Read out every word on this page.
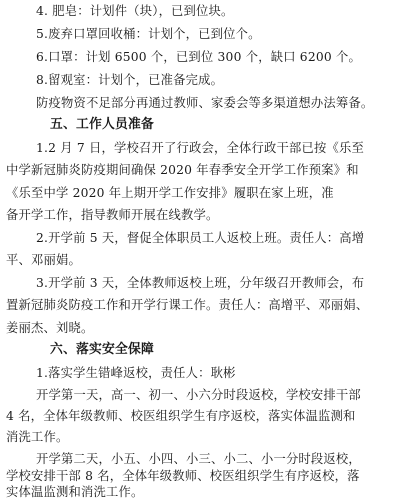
4. 肥皂：计划件（块），已到位块。
5.废弃口罩回收桶：计划个，已到位个。
6.口罩：计划 6500 个，已到位 300 个，缺口 6200 个。
8.留观室：计划个，已准备完成。
防疫物资不足部分再通过教师、家委会等多渠道想办法筹备。
五、工作人员准备
1.2 月 7 日，学校召开了行政会，全体行政干部已按《乐至
中学新冠肺炎防疫期间确保 2020 年春季安全开学工作预案》和
《乐至中学 2020 年上期开学工作安排》履职在家上班，准
备开学工作，指导教师开展在线教学。
2.开学前 5 天，督促全体职员工人返校上班。责任人：高增
平、邓丽娟。
3.开学前 3 天，全体教师返校上班，分年级召开教师会，布
置新冠肺炎防疫工作和开学行课工作。责任人：高增平、邓丽娟、
姜丽杰、刘晓。
六、落实安全保障
1.落实学生错峰返校，责任人：耿彬
开学第一天，高一、初一、小六分时段返校，学校安排干部
4 名，全体年级教师、校医组织学生有序返校，落实体温监测和
消洗工作。
开学第二天，小五、小四、小三、小二、小一分时段返校，
学校安排干部 8 名，全体年级教师、校医组织学生有序返校，落
实体温监测和消洗工作。
